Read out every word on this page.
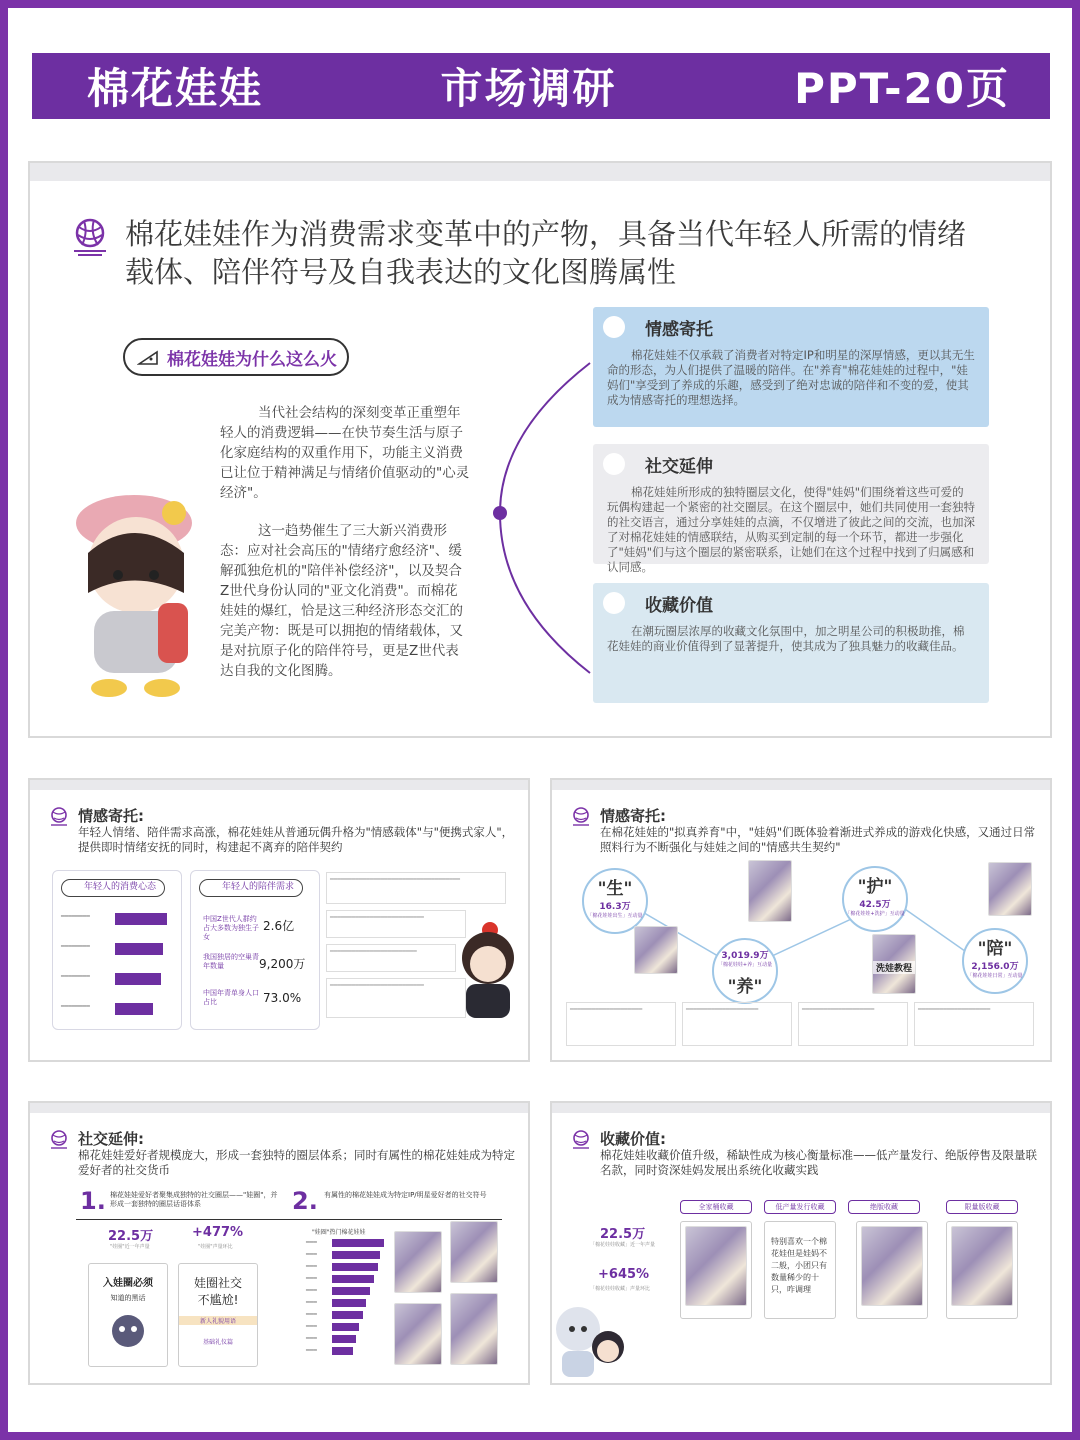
棉花娃娃	市场调研	PPT-20页
棉花娃娃作为消费需求变革中的产物，具备当代年轻人所需的情绪载体、陪伴符号及自我表达的文化图腾属性
棉花娃娃为什么这么火
当代社会结构的深刻变革正重塑年轻人的消费逻辑——在快节奏生活与原子化家庭结构的双重作用下，功能主义消费已让位于精神满足与情绪价值驱动的"心灵经济"。
这一趋势催生了三大新兴消费形态：应对社会高压的"情绪疗愈经济"、缓解孤独危机的"陪伴补偿经济"，以及契合Z世代身份认同的"亚文化消费"。而棉花娃娃的爆红，恰是这三种经济形态交汇的完美产物：既是可以拥抱的情绪载体，又是对抗原子化的陪伴符号，更是Z世代表达自我的文化图腾。
情感寄托
棉花娃娃不仅承载了消费者对特定IP和明星的深厚情感，更以其无生命的形态，为人们提供了温暖的陪伴。在"养育"棉花娃娃的过程中，"娃妈们"享受到了养成的乐趣，感受到了绝对忠诚的陪伴和不变的爱，使其成为情感寄托的理想选择。
社交延伸
棉花娃娃所形成的独特圈层文化，使得"娃妈"们围绕着这些可爱的玩偶构建起一个紧密的社交圈层。在这个圈层中，她们共同使用一套独特的社交语言，通过分享娃娃的点滴，不仅增进了彼此之间的交流，也加深了对棉花娃娃的情感联结，从购买到定制的每一个环节，都进一步强化了"娃妈"们与这个圈层的紧密联系，让她们在这个过程中找到了归属感和认同感。
收藏价值
在潮玩圈层浓厚的收藏文化氛围中，加之明星公司的积极助推，棉花娃娃的商业价值得到了显著提升，使其成为了独具魅力的收藏佳品。
情感寄托:
年轻人情绪、陪伴需求高涨，棉花娃娃从普通玩偶升格为"情感载体"与"便携式家人"，提供即时情绪安抚的同时，构建起不离弃的陪伴契约
年轻人的消费心态
━━━━━━━━
━━━━━━━━
━━━━━━━━
━━━━━━━━
年轻人的陪伴需求
中国Z世代人群约占大多数为独生子女
2.6亿
我国独居的空巢青年数量	9,200万
中国年青单身人口占比	73.0%
━━━━━━━━━━━━━━━━━━━━━━━━━━━━━━━━━━━━
━━━━━━━━━━━━━━━━━━━━━━━━━━
━━━━━━━━━━━━━━━━━━━━━━━━
━━━━━━━━━━━━━━━━━━━━━━━━━━
情感寄托:
在棉花娃娃的"拟真养育"中，"娃妈"们既体验着渐进式养成的游戏化快感，又通过日常照料行为不断强化与娃娃之间的"情感共生契约"
"生"
16.3万
「棉花娃娃出生」互动量
3,019.9万
「棉花娃娃+养」互动量
"养"
"护"
42.5万
「棉花娃娃+洗护」互动量
"陪"
2,156.0万
「棉花娃娃日常」互动量
洗娃教程
━━━━━━━━━━━━━━━━━━━━	━━━━━━━━━━━━━━━━━━━━	━━━━━━━━━━━━━━━━━━━━	━━━━━━━━━━━━━━━━━━━━
社交延伸:
棉花娃娃爱好者规模庞大，形成一套独特的圈层体系；同时有属性的棉花娃娃成为特定爱好者的社交货币
1. 棉花娃娃爱好者聚集成独特的社交圈层——"娃圈"，并形成一套独特的圈层话语体系	2. 有属性的棉花娃娃成为特定IP/明星爱好者的社交符号
22.5万
"娃圈"近一年声量
+477%
"娃圈"声量环比
入娃圈必须
知道的黑话
娃圈社交
不尴尬!
新人礼貌用语
基础礼仪篇
"娃圈"热门棉花娃娃
━━━
━━━
━━━
━━━
━━━
━━━
━━━
━━━
━━━
━━━
收藏价值:
棉花娃娃收藏价值升级，稀缺性成为核心衡量标准——低产量发行、绝版停售及限量联名款，同时资深娃妈发展出系统化收藏实践
22.5万
「棉花娃娃收藏」近一年声量
+645%
「棉花娃娃收藏」声量环比
全家桶收藏	低产量发行收藏	绝版收藏	限量版收藏
特别喜欢一个棉花娃但是娃妈不二般，小团只有数量稀少的十只，咋调理
